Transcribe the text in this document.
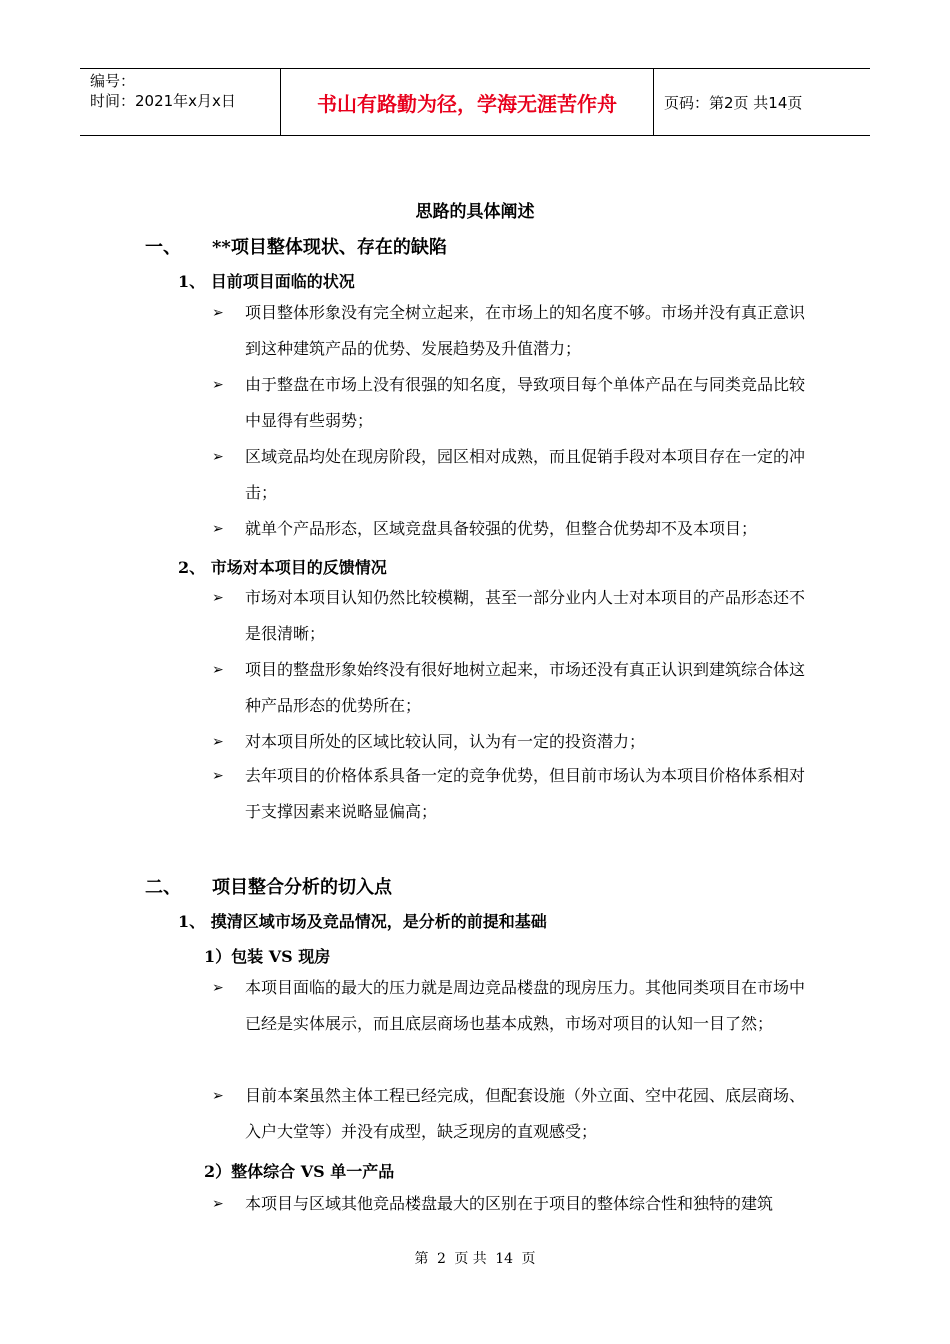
编号：
时间：2021年x月x日	书山有路勤为径，学海无涯苦作舟	页码：第2页 共14页
思路的具体阐述
一、 **项目整体现状、存在的缺陷
1、 目前项目面临的状况
➢	项目整体形象没有完全树立起来，在市场上的知名度不够。市场并没有真正意识到这种建筑产品的优势、发展趋势及升值潜力；
➢	由于整盘在市场上没有很强的知名度，导致项目每个单体产品在与同类竞品比较中显得有些弱势；
➢	区域竞品均处在现房阶段，园区相对成熟，而且促销手段对本项目存在一定的冲击；
➢	就单个产品形态，区域竞盘具备较强的优势，但整合优势却不及本项目；
2、 市场对本项目的反馈情况
➢	市场对本项目认知仍然比较模糊，甚至一部分业内人士对本项目的产品形态还不是很清晰；
➢	项目的整盘形象始终没有很好地树立起来，市场还没有真正认识到建筑综合体这种产品形态的优势所在；
➢	对本项目所处的区域比较认同，认为有一定的投资潜力；
➢	去年项目的价格体系具备一定的竞争优势，但目前市场认为本项目价格体系相对于支撑因素来说略显偏高；
二、 项目整合分析的切入点
1、 摸清区域市场及竞品情况，是分析的前提和基础
1）包装 VS 现房
➢	本项目面临的最大的压力就是周边竞品楼盘的现房压力。其他同类项目在市场中已经是实体展示，而且底层商场也基本成熟，市场对项目的认知一目了然；
➢	目前本案虽然主体工程已经完成，但配套设施（外立面、空中花园、底层商场、入户大堂等）并没有成型，缺乏现房的直观感受；
2）整体综合 VS 单一产品
➢	本项目与区域其他竞品楼盘最大的区别在于项目的整体综合性和独特的建筑
第 2 页 共 14 页
